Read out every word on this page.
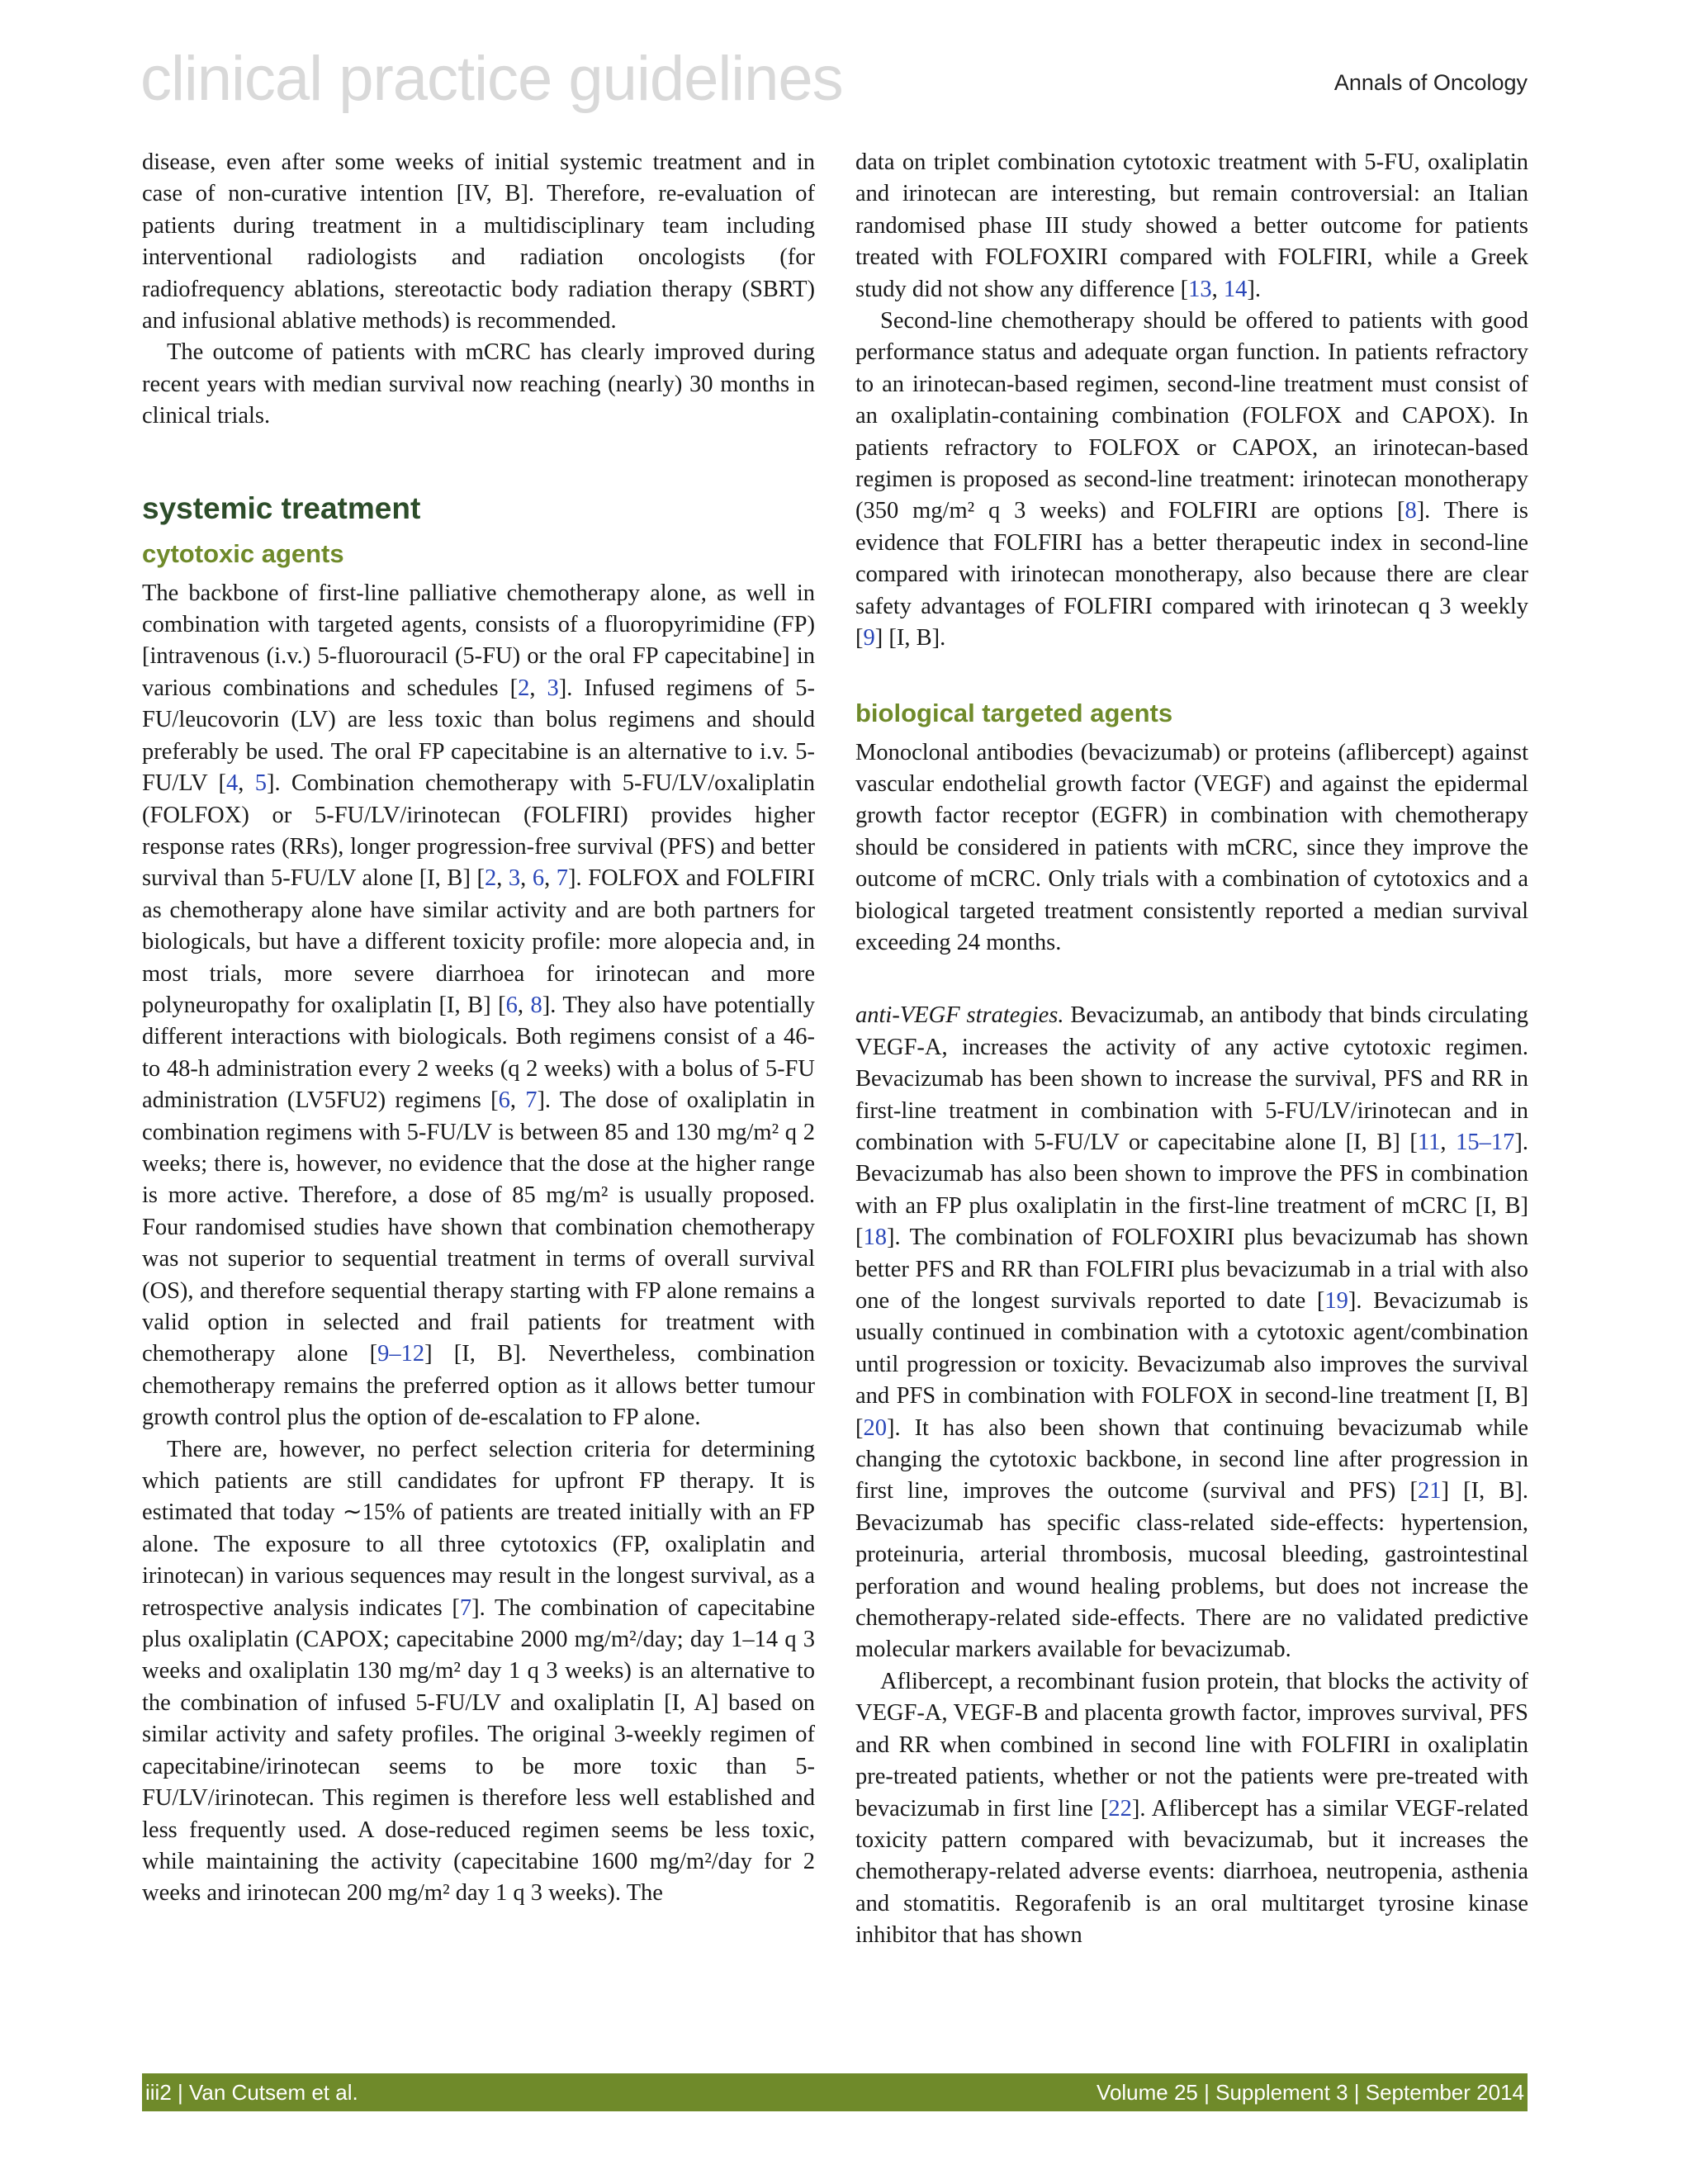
clinical practice guidelines	Annals of Oncology

disease, even after some weeks of initial systemic treatment and in case of non-curative intention [IV, B]. Therefore, re-evaluation of patients during treatment in a multidisciplinary team including interventional radiologists and radiation oncologists (for radiofrequency ablations, stereotactic body radiation therapy (SBRT) and infusional ablative methods) is recommended.

The outcome of patients with mCRC has clearly improved during recent years with median survival now reaching (nearly) 30 months in clinical trials.

systemic treatment
cytotoxic agents

The backbone of first-line palliative chemotherapy alone, as well in combination with targeted agents, consists of a fluoropyrimidine (FP) [intravenous (i.v.) 5-fluorouracil (5-FU) or the oral FP capecitabine] in various combinations and schedules [2, 3]. Infused regimens of 5-FU/leucovorin (LV) are less toxic than bolus regimens and should preferably be used. The oral FP capecitabine is an alternative to i.v. 5-FU/LV [4, 5]. Combination chemotherapy with 5-FU/LV/oxaliplatin (FOLFOX) or 5-FU/LV/irinotecan (FOLFIRI) provides higher response rates (RRs), longer progression-free survival (PFS) and better survival than 5-FU/LV alone [I, B] [2, 3, 6, 7]. FOLFOX and FOLFIRI as chemotherapy alone have similar activity and are both partners for biologicals, but have a different toxicity profile: more alopecia and, in most trials, more severe diarrhoea for irinotecan and more polyneuropathy for oxaliplatin [I, B] [6, 8]. They also have potentially different interactions with biologicals. Both regimens consist of a 46- to 48-h administration every 2 weeks (q 2 weeks) with a bolus of 5-FU administration (LV5FU2) regimens [6, 7]. The dose of oxaliplatin in combination regimens with 5-FU/LV is between 85 and 130 mg/m² q 2 weeks; there is, however, no evidence that the dose at the higher range is more active. Therefore, a dose of 85 mg/m² is usually proposed. Four randomised studies have shown that combination chemotherapy was not superior to sequential treatment in terms of overall survival (OS), and therefore sequential therapy starting with FP alone remains a valid option in selected and frail patients for treatment with chemotherapy alone [9–12] [I, B]. Nevertheless, combination chemotherapy remains the preferred option as it allows better tumour growth control plus the option of de-escalation to FP alone.

There are, however, no perfect selection criteria for determining which patients are still candidates for upfront FP therapy. It is estimated that today ∼15% of patients are treated initially with an FP alone. The exposure to all three cytotoxics (FP, oxaliplatin and irinotecan) in various sequences may result in the longest survival, as a retrospective analysis indicates [7]. The combination of capecitabine plus oxaliplatin (CAPOX; capecitabine 2000 mg/m²/day; day 1–14 q 3 weeks and oxaliplatin 130 mg/m² day 1 q 3 weeks) is an alternative to the combination of infused 5-FU/LV and oxaliplatin [I, A] based on similar activity and safety profiles. The original 3-weekly regimen of capecitabine/irinotecan seems to be more toxic than 5-FU/LV/irinotecan. This regimen is therefore less well established and less frequently used. A dose-reduced regimen seems be less toxic, while maintaining the activity (capecitabine 1600 mg/m²/day for 2 weeks and irinotecan 200 mg/m² day 1 q 3 weeks). The

data on triplet combination cytotoxic treatment with 5-FU, oxaliplatin and irinotecan are interesting, but remain controversial: an Italian randomised phase III study showed a better outcome for patients treated with FOLFOXIRI compared with FOLFIRI, while a Greek study did not show any difference [13, 14].

Second-line chemotherapy should be offered to patients with good performance status and adequate organ function. In patients refractory to an irinotecan-based regimen, second-line treatment must consist of an oxaliplatin-containing combination (FOLFOX and CAPOX). In patients refractory to FOLFOX or CAPOX, an irinotecan-based regimen is proposed as second-line treatment: irinotecan monotherapy (350 mg/m² q 3 weeks) and FOLFIRI are options [8]. There is evidence that FOLFIRI has a better therapeutic index in second-line compared with irinotecan monotherapy, also because there are clear safety advantages of FOLFIRI compared with irinotecan q 3 weekly [9] [I, B].

biological targeted agents

Monoclonal antibodies (bevacizumab) or proteins (aflibercept) against vascular endothelial growth factor (VEGF) and against the epidermal growth factor receptor (EGFR) in combination with chemotherapy should be considered in patients with mCRC, since they improve the outcome of mCRC. Only trials with a combination of cytotoxics and a biological targeted treatment consistently reported a median survival exceeding 24 months.

anti-VEGF strategies. Bevacizumab, an antibody that binds circulating VEGF-A, increases the activity of any active cytotoxic regimen. Bevacizumab has been shown to increase the survival, PFS and RR in first-line treatment in combination with 5-FU/LV/irinotecan and in combination with 5-FU/LV or capecitabine alone [I, B] [11, 15–17]. Bevacizumab has also been shown to improve the PFS in combination with an FP plus oxaliplatin in the first-line treatment of mCRC [I, B] [18]. The combination of FOLFOXIRI plus bevacizumab has shown better PFS and RR than FOLFIRI plus bevacizumab in a trial with also one of the longest survivals reported to date [19]. Bevacizumab is usually continued in combination with a cytotoxic agent/combination until progression or toxicity. Bevacizumab also improves the survival and PFS in combination with FOLFOX in second-line treatment [I, B] [20]. It has also been shown that continuing bevacizumab while changing the cytotoxic backbone, in second line after progression in first line, improves the outcome (survival and PFS) [21] [I, B]. Bevacizumab has specific class-related side-effects: hypertension, proteinuria, arterial thrombosis, mucosal bleeding, gastrointestinal perforation and wound healing problems, but does not increase the chemotherapy-related side-effects. There are no validated predictive molecular markers available for bevacizumab.

Aflibercept, a recombinant fusion protein, that blocks the activity of VEGF-A, VEGF-B and placenta growth factor, improves survival, PFS and RR when combined in second line with FOLFIRI in oxaliplatin pre-treated patients, whether or not the patients were pre-treated with bevacizumab in first line [22]. Aflibercept has a similar VEGF-related toxicity pattern compared with bevacizumab, but it increases the chemotherapy-related adverse events: diarrhoea, neutropenia, asthenia and stomatitis. Regorafenib is an oral multitarget tyrosine kinase inhibitor that has shown

iii2 | Van Cutsem et al.	Volume 25 | Supplement 3 | September 2014
